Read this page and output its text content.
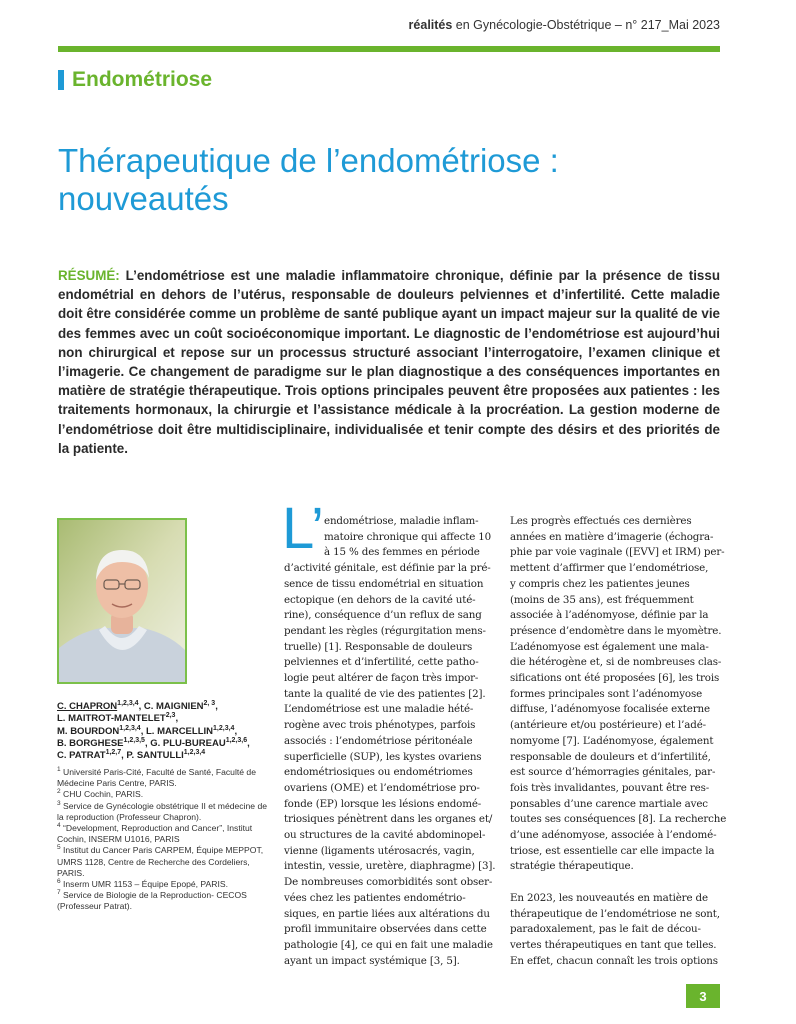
réalités en Gynécologie-Obstétrique – n° 217_Mai 2023
Endométriose
Thérapeutique de l’endométriose :
nouveautés

RÉSUMÉ: L’endométriose est une maladie inflammatoire chronique, définie par la présence de tissu endométrial en dehors de l’utérus, responsable de douleurs pelviennes et d’infertilité. Cette maladie doit être considérée comme un problème de santé publique ayant un impact majeur sur la qualité de vie des femmes avec un coût socioéconomique important. Le diagnostic de l’endométriose est aujourd’hui non chirurgical et repose sur un processus structuré associant l’interrogatoire, l’examen clinique et l’imagerie. Ce changement de paradigme sur le plan diagnostique a des conséquences importantes en matière de stratégie thérapeutique. Trois options principales peuvent être proposées aux patientes : les traitements hormonaux, la chirurgie et l’assistance médicale à la procréation. La gestion moderne de l’endométriose doit être multidisciplinaire, individualisée et tenir compte des désirs et des priorités de la patiente.

C. CHAPRON$^{1,2,3,4}$, C. MAIGNIEN$^{2, 3}$,
L. MAITROT-MANTELET$^{2,3}$,
M. BOURDON$^{1,2,3,4}$, L. MARCELLIN$^{1,2,3,4}$,
B. BORGHESE$^{1,2,3,5}$, G. PLU-BUREAU$^{1,2,3,6}$,
C. PATRAT$^{1,2,7}$, P. SANTULLI$^{1,2,3,4}$
$^1$ Université Paris-Cité, Faculté de Santé, Faculté de Médecine Paris Centre, PARIS.
$^2$ CHU Cochin, PARIS.
$^3$ Service de Gynécologie obstétrique II et médecine de la reproduction (Professeur Chapron).
$^4$ “Development, Reproduction and Cancer”, Institut Cochin, INSERM U1016, PARIS
$^5$ Institut du Cancer Paris CARPEM, Équipe MEPPOT, UMRS 1128, Centre de Recherche des Cordeliers, PARIS.
$^6$ Inserm UMR 1153 – Équipe Epopé, PARIS.
$^7$ Service de Biologie de la Reproduction- CECOS (Professeur Patrat).
L’ endométriose, maladie inflam-
matoire chronique qui affecte 10
à 15 % des femmes en période
d’activité génitale, est définie par la pré-
sence de tissu endométrial en situation
ectopique (en dehors de la cavité uté-
rine), conséquence d’un reflux de sang
pendant les règles (régurgitation mens-
truelle) [1]. Responsable de douleurs
pelviennes et d’infertilité, cette patho-
logie peut altérer de façon très impor-
tante la qualité de vie des patientes [2].
L’endométriose est une maladie hété-
rogène avec trois phénotypes, parfois
associés : l’endométriose péritonéale
superficielle (SUP), les kystes ovariens
endométriosiques ou endométriomes
ovariens (OME) et l’endométriose pro-
fonde (EP) lorsque les lésions endomé-
triosiques pénètrent dans les organes et/
ou structures de la cavité abdominopel-
vienne (ligaments utérosacrés, vagin,
intestin, vessie, uretère, diaphragme) [3].
De nombreuses comorbidités sont obser-
vées chez les patientes endométrio-
siques, en partie liées aux altérations du
profil immunitaire observées dans cette
pathologie [4], ce qui en fait une maladie
ayant un impact systémique [3, 5].
Les progrès effectués ces dernières
années en matière d’imagerie (échogra-
phie par voie vaginale ([EVV] et IRM) per-
mettent d’affirmer que l’endométriose,
y compris chez les patientes jeunes
(moins de 35 ans), est fréquemment
associée à l’adénomyose, définie par la
présence d’endomètre dans le myomètre.
L’adénomyose est également une mala-
die hétérogène et, si de nombreuses clas-
sifications ont été proposées [6], les trois
formes principales sont l’adénomyose
diffuse, l’adénomyose focalisée externe
(antérieure et/ou postérieure) et l’adé-
nomyome [7]. L’adénomyose, également
responsable de douleurs et d’infertilité,
est source d’hémorragies génitales, par-
fois très invalidantes, pouvant être res-
ponsables d’une carence martiale avec
toutes ses conséquences [8]. La recherche
d’une adénomyose, associée à l’endomé-
triose, est essentielle car elle impacte la
stratégie thérapeutique.

En 2023, les nouveautés en matière de
thérapeutique de l’endométriose ne sont,
paradoxalement, pas le fait de décou-
vertes thérapeutiques en tant que telles.
En effet, chacun connaît les trois options
3
